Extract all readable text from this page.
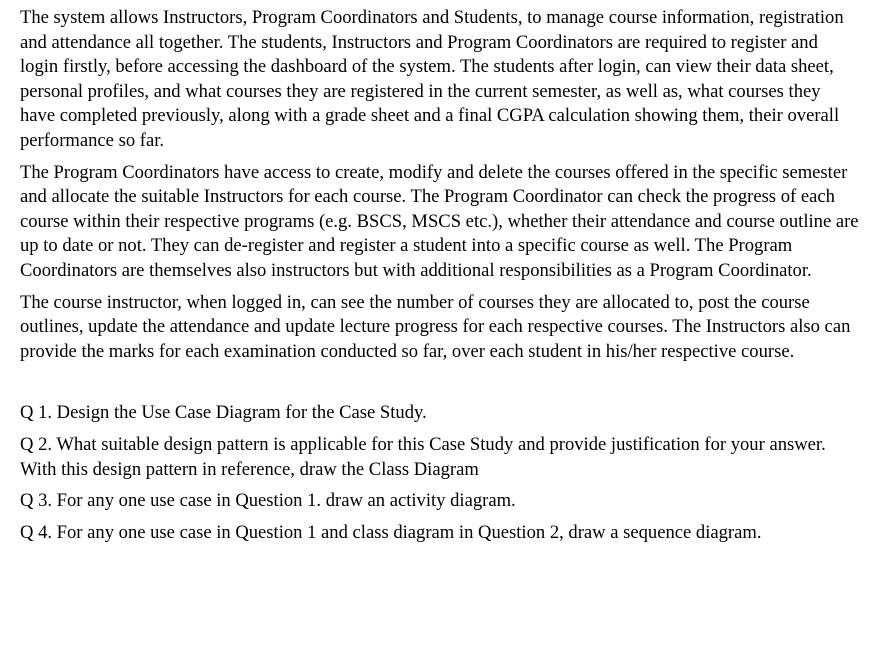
The system allows Instructors, Program Coordinators and Students, to manage course information, registration and attendance all together. The students, Instructors and Program Coordinators are required to register and login firstly, before accessing the dashboard of the system. The students after login, can view their data sheet, personal profiles, and what courses they are registered in the current semester, as well as, what courses they have completed previously, along with a grade sheet and a final CGPA calculation showing them, their overall performance so far.

The Program Coordinators have access to create, modify and delete the courses offered in the specific semester and allocate the suitable Instructors for each course. The Program Coordinator can check the progress of each course within their respective programs (e.g. BSCS, MSCS etc.), whether their attendance and course outline are up to date or not. They can de-register and register a student into a specific course as well. The Program Coordinators are themselves also instructors but with additional responsibilities as a Program Coordinator.

The course instructor, when logged in, can see the number of courses they are allocated to, post the course outlines, update the attendance and update lecture progress for each respective courses. The Instructors also can provide the marks for each examination conducted so far, over each student in his/her respective course.

Q 1. Design the Use Case Diagram for the Case Study.

Q 2. What suitable design pattern is applicable for this Case Study and provide justification for your answer. With this design pattern in reference, draw the Class Diagram

Q 3. For any one use case in Question 1. draw an activity diagram.

Q 4. For any one use case in Question 1 and class diagram in Question 2, draw a sequence diagram.
